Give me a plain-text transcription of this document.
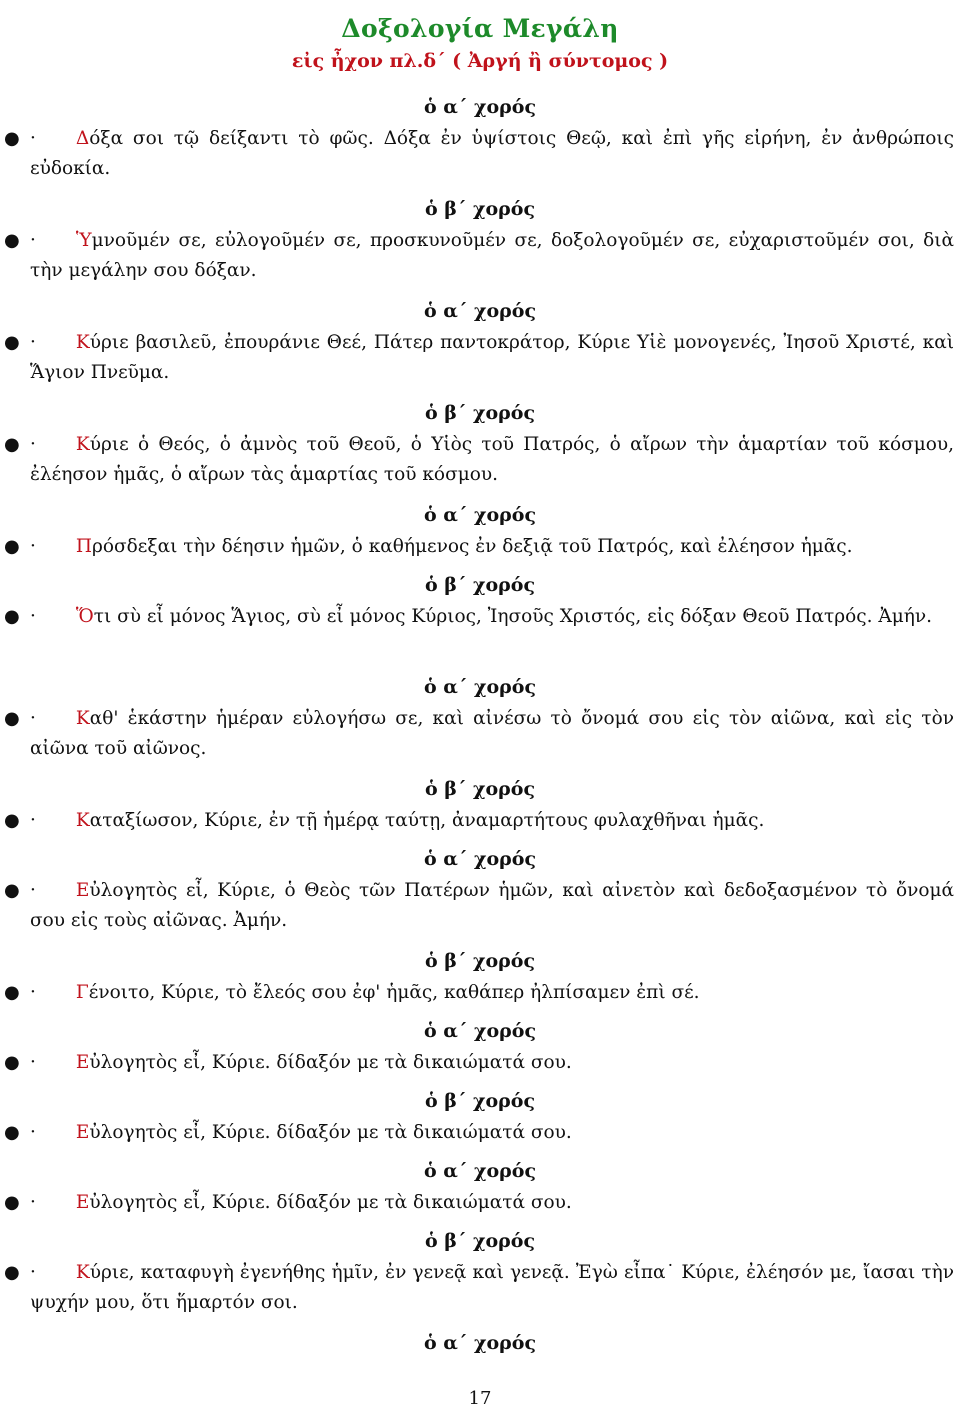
Δοξολογία Μεγάλη
εἰς ἦχον πλ.δ΄ ( Ἀργή ἢ σύντομος )
ὁ α΄ χορός
● · Δόξα σοι τῷ δείξαντι τὸ φῶς. Δόξα ἐν ὑψίστοις Θεῷ, καὶ ἐπὶ γῆς εἰρήνη, ἐν ἀνθρώποις εὐδοκία.
ὁ β΄ χορός
● · Ὑμνοῦμέν σε, εὐλογοῦμέν σε, προσκυνοῦμέν σε, δοξολογοῦμέν σε, εὐχαριστοῦμέν σοι, διὰ τὴν μεγάλην σου δόξαν.
ὁ α΄ χορός
● · Κύριε βασιλεῦ, ἐπουράνιε Θεέ, Πάτερ παντοκράτορ, Κύριε Υἱὲ μονογενές, Ἰησοῦ Χριστέ, καὶ Ἅγιον Πνεῦμα.
ὁ β΄ χορός
● · Κύριε ὁ Θεός, ὁ ἀμνὸς τοῦ Θεοῦ, ὁ Υἱὸς τοῦ Πατρός, ὁ αἴρων τὴν ἁμαρτίαν τοῦ κόσμου, ἐλέησον ἡμᾶς, ὁ αἴρων τὰς ἁμαρτίας τοῦ κόσμου.
ὁ α΄ χορός
● · Πρόσδεξαι τὴν δέησιν ἡμῶν, ὁ καθήμενος ἐν δεξιᾷ τοῦ Πατρός, καὶ ἐλέησον ἡμᾶς.
ὁ β΄ χορός
● · Ὅτι σὺ εἶ μόνος Ἅγιος, σὺ εἶ μόνος Κύριος, Ἰησοῦς Χριστός, εἰς δόξαν Θεοῦ Πατρός. Ἀμήν.
ὁ α΄ χορός
● · Καθ' ἑκάστην ἡμέραν εὐλογήσω σε, καὶ αἰνέσω τὸ ὄνομά σου εἰς τὸν αἰῶνα, καὶ εἰς τὸν αἰῶνα τοῦ αἰῶνος.
ὁ β΄ χορός
● · Καταξίωσον, Κύριε, ἐν τῇ ἡμέρᾳ ταύτῃ, ἀναμαρτήτους φυλαχθῆναι ἡμᾶς.
ὁ α΄ χορός
● · Εὐλογητὸς εἶ, Κύριε, ὁ Θεὸς τῶν Πατέρων ἡμῶν, καὶ αἰνετὸν καὶ δεδοξασμένον τὸ ὄνομά σου εἰς τοὺς αἰῶνας. Ἀμήν.
ὁ β΄ χορός
● · Γένοιτο, Κύριε, τὸ ἔλεός σου ἐφ' ἡμᾶς, καθάπερ ἠλπίσαμεν ἐπὶ σέ.
ὁ α΄ χορός
● · Εὐλογητὸς εἶ, Κύριε. δίδαξόν με τὰ δικαιώματά σου.
ὁ β΄ χορός
● · Εὐλογητὸς εἶ, Κύριε. δίδαξόν με τὰ δικαιώματά σου.
ὁ α΄ χορός
● · Εὐλογητὸς εἶ, Κύριε. δίδαξόν με τὰ δικαιώματά σου.
ὁ β΄ χορός
● · Κύριε, καταφυγὴ ἐγενήθης ἡμῖν, ἐν γενεᾷ καὶ γενεᾷ. Ἐγὼ εἶπα˙ Κύριε, ἐλέησόν με, ἴασαι τὴν ψυχήν μου, ὅτι ἥμαρτόν σοι.
ὁ α΄ χορός
17
